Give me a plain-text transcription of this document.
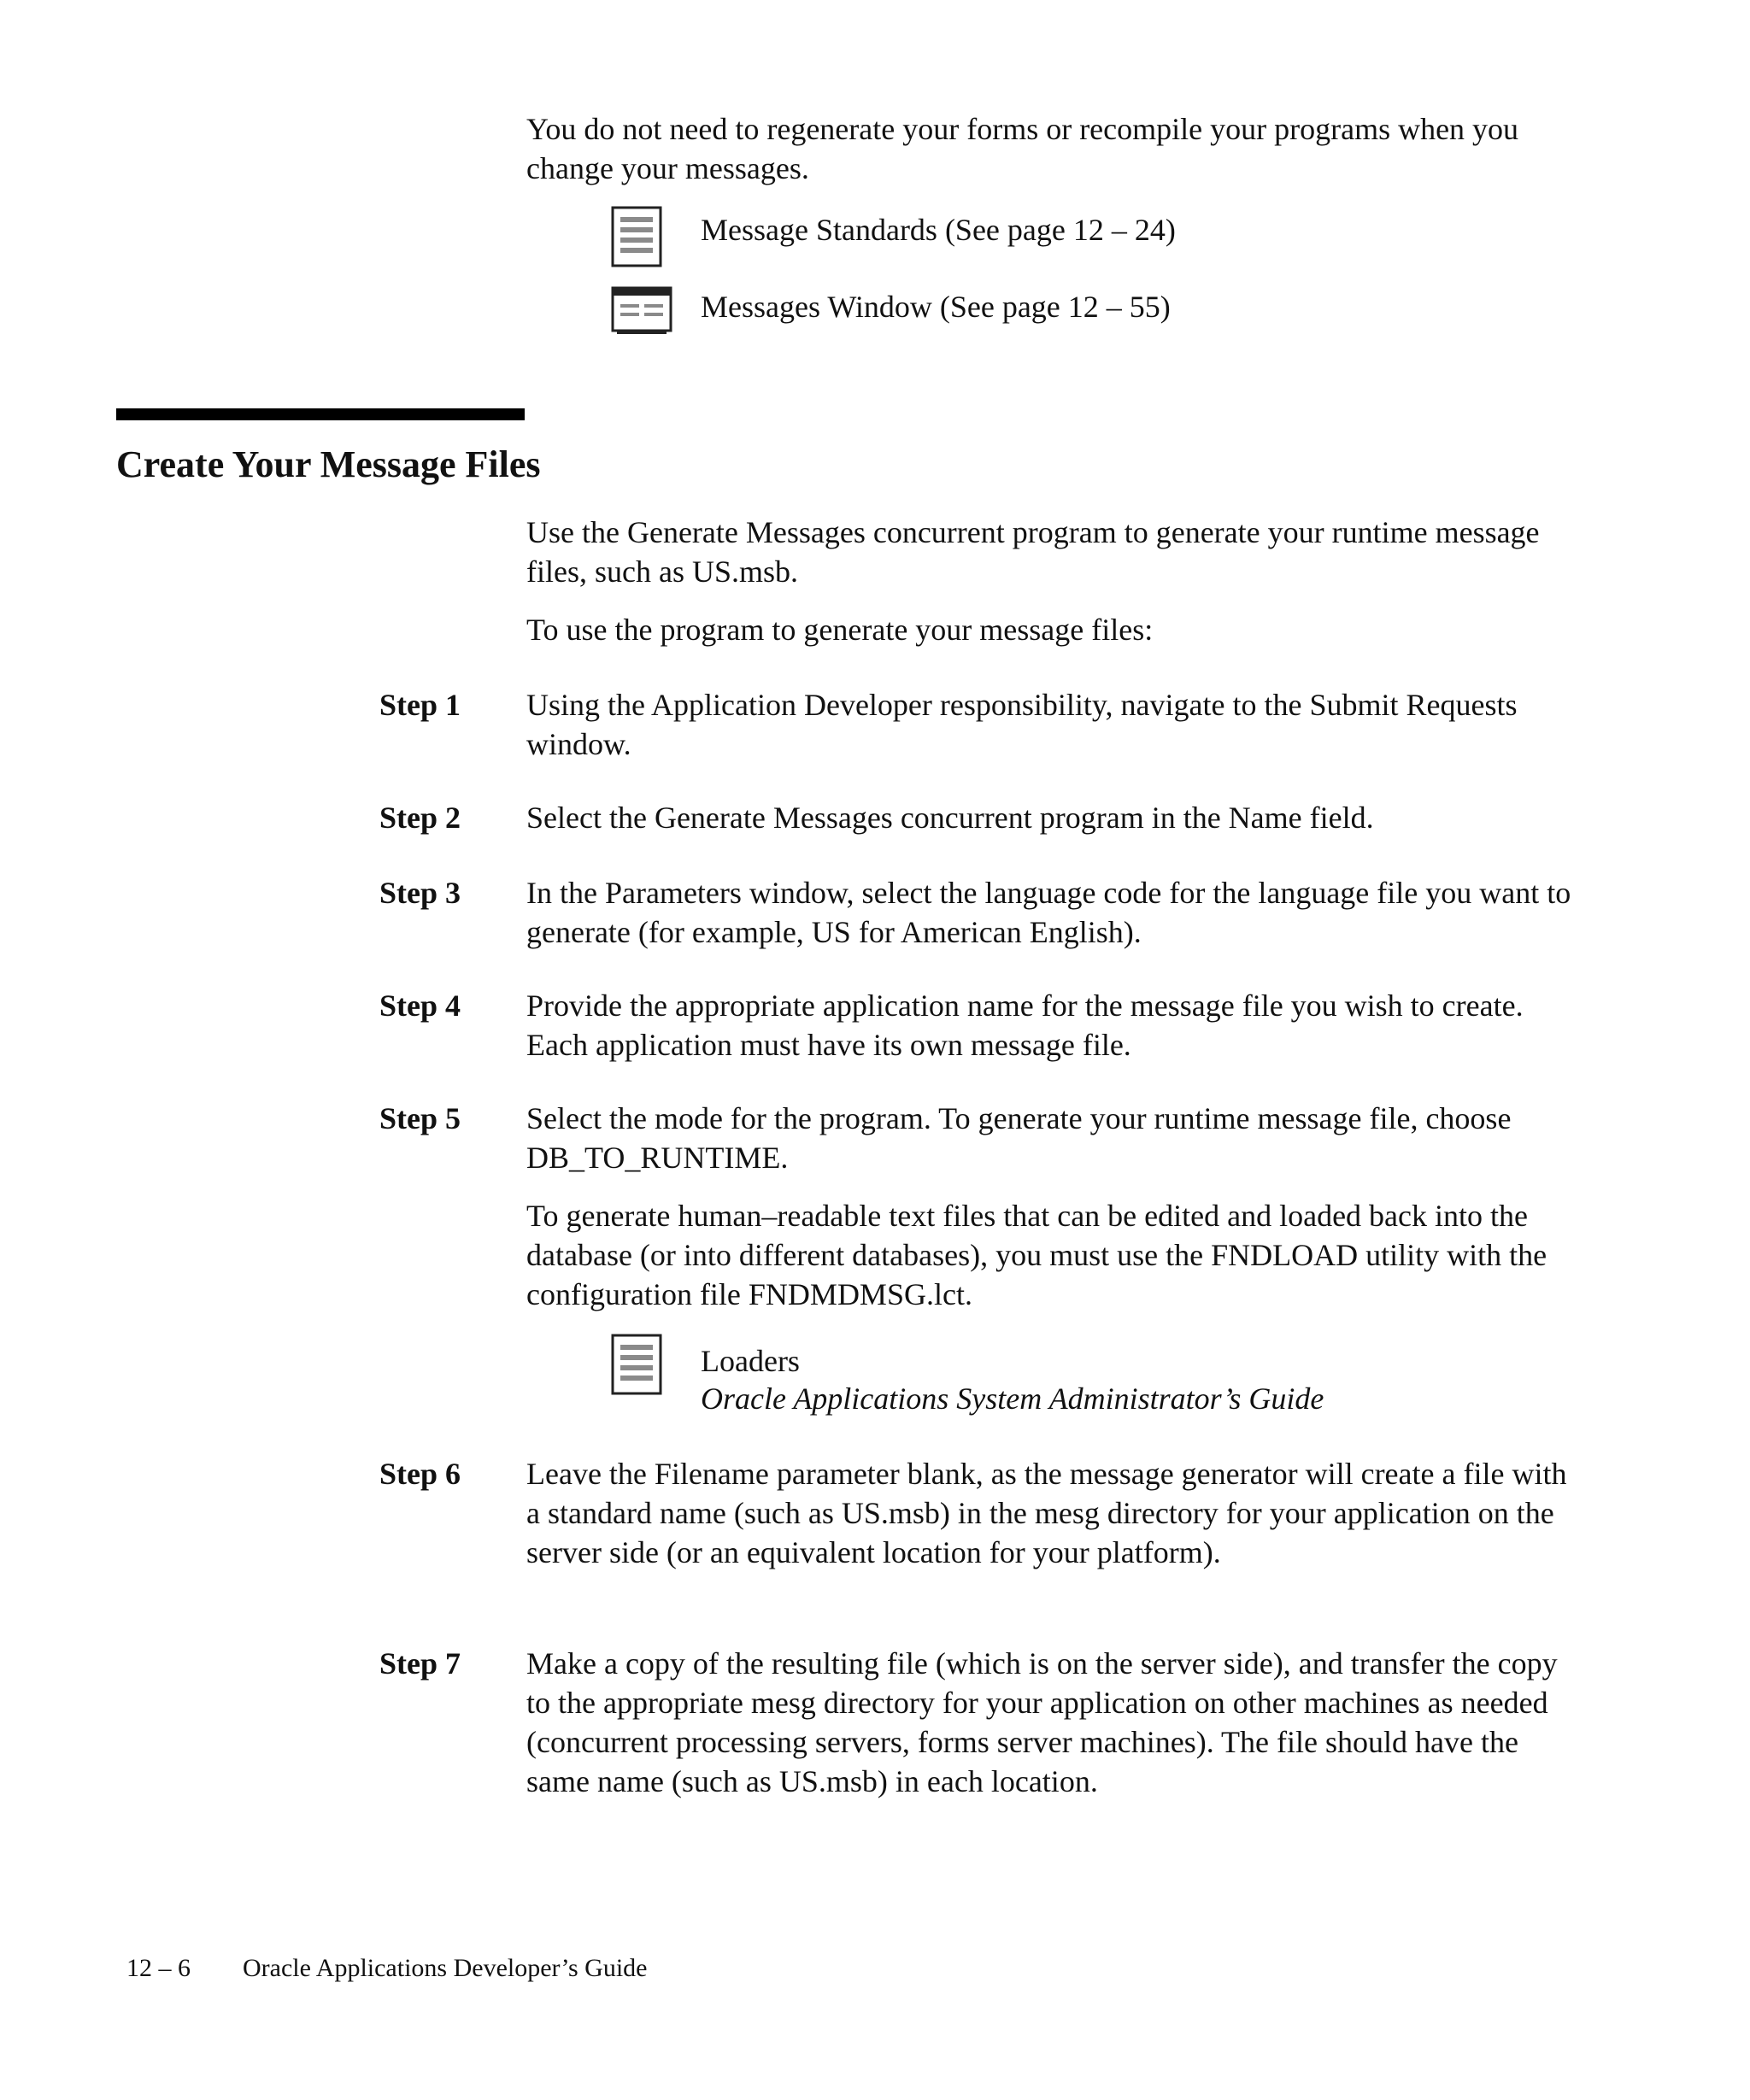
You do not need to regenerate your forms or recompile your programs when you change your messages.

Message Standards (See page 12 – 24)
Messages Window (See page 12 – 55)
Create Your Message Files

Use the Generate Messages concurrent program to generate your runtime message files, such as US.msb.

To use the program to generate your message files:

Step 1 Using the Application Developer responsibility, navigate to the Submit Requests window.

Step 2 Select the Generate Messages concurrent program in the Name field.

Step 3 In the Parameters window, select the language code for the language file you want to generate (for example, US for American English).

Step 4 Provide the appropriate application name for the message file you wish to create. Each application must have its own message file.

Step 5 Select the mode for the program. To generate your runtime message file, choose DB_TO_RUNTIME.

To generate human–readable text files that can be edited and loaded back into the database (or into different databases), you must use the FNDLOAD utility with the configuration file FNDMDMSG.lct.

Loaders
Oracle Applications System Administrator’s Guide
Step 6 Leave the Filename parameter blank, as the message generator will create a file with a standard name (such as US.msb) in the mesg directory for your application on the server side (or an equivalent location for your platform).

Step 7 Make a copy of the resulting file (which is on the server side), and transfer the copy to the appropriate mesg directory for your application on other machines as needed (concurrent processing servers, forms server machines). The file should have the same name (such as US.msb) in each location.

12 – 6 Oracle Applications Developer’s Guide
